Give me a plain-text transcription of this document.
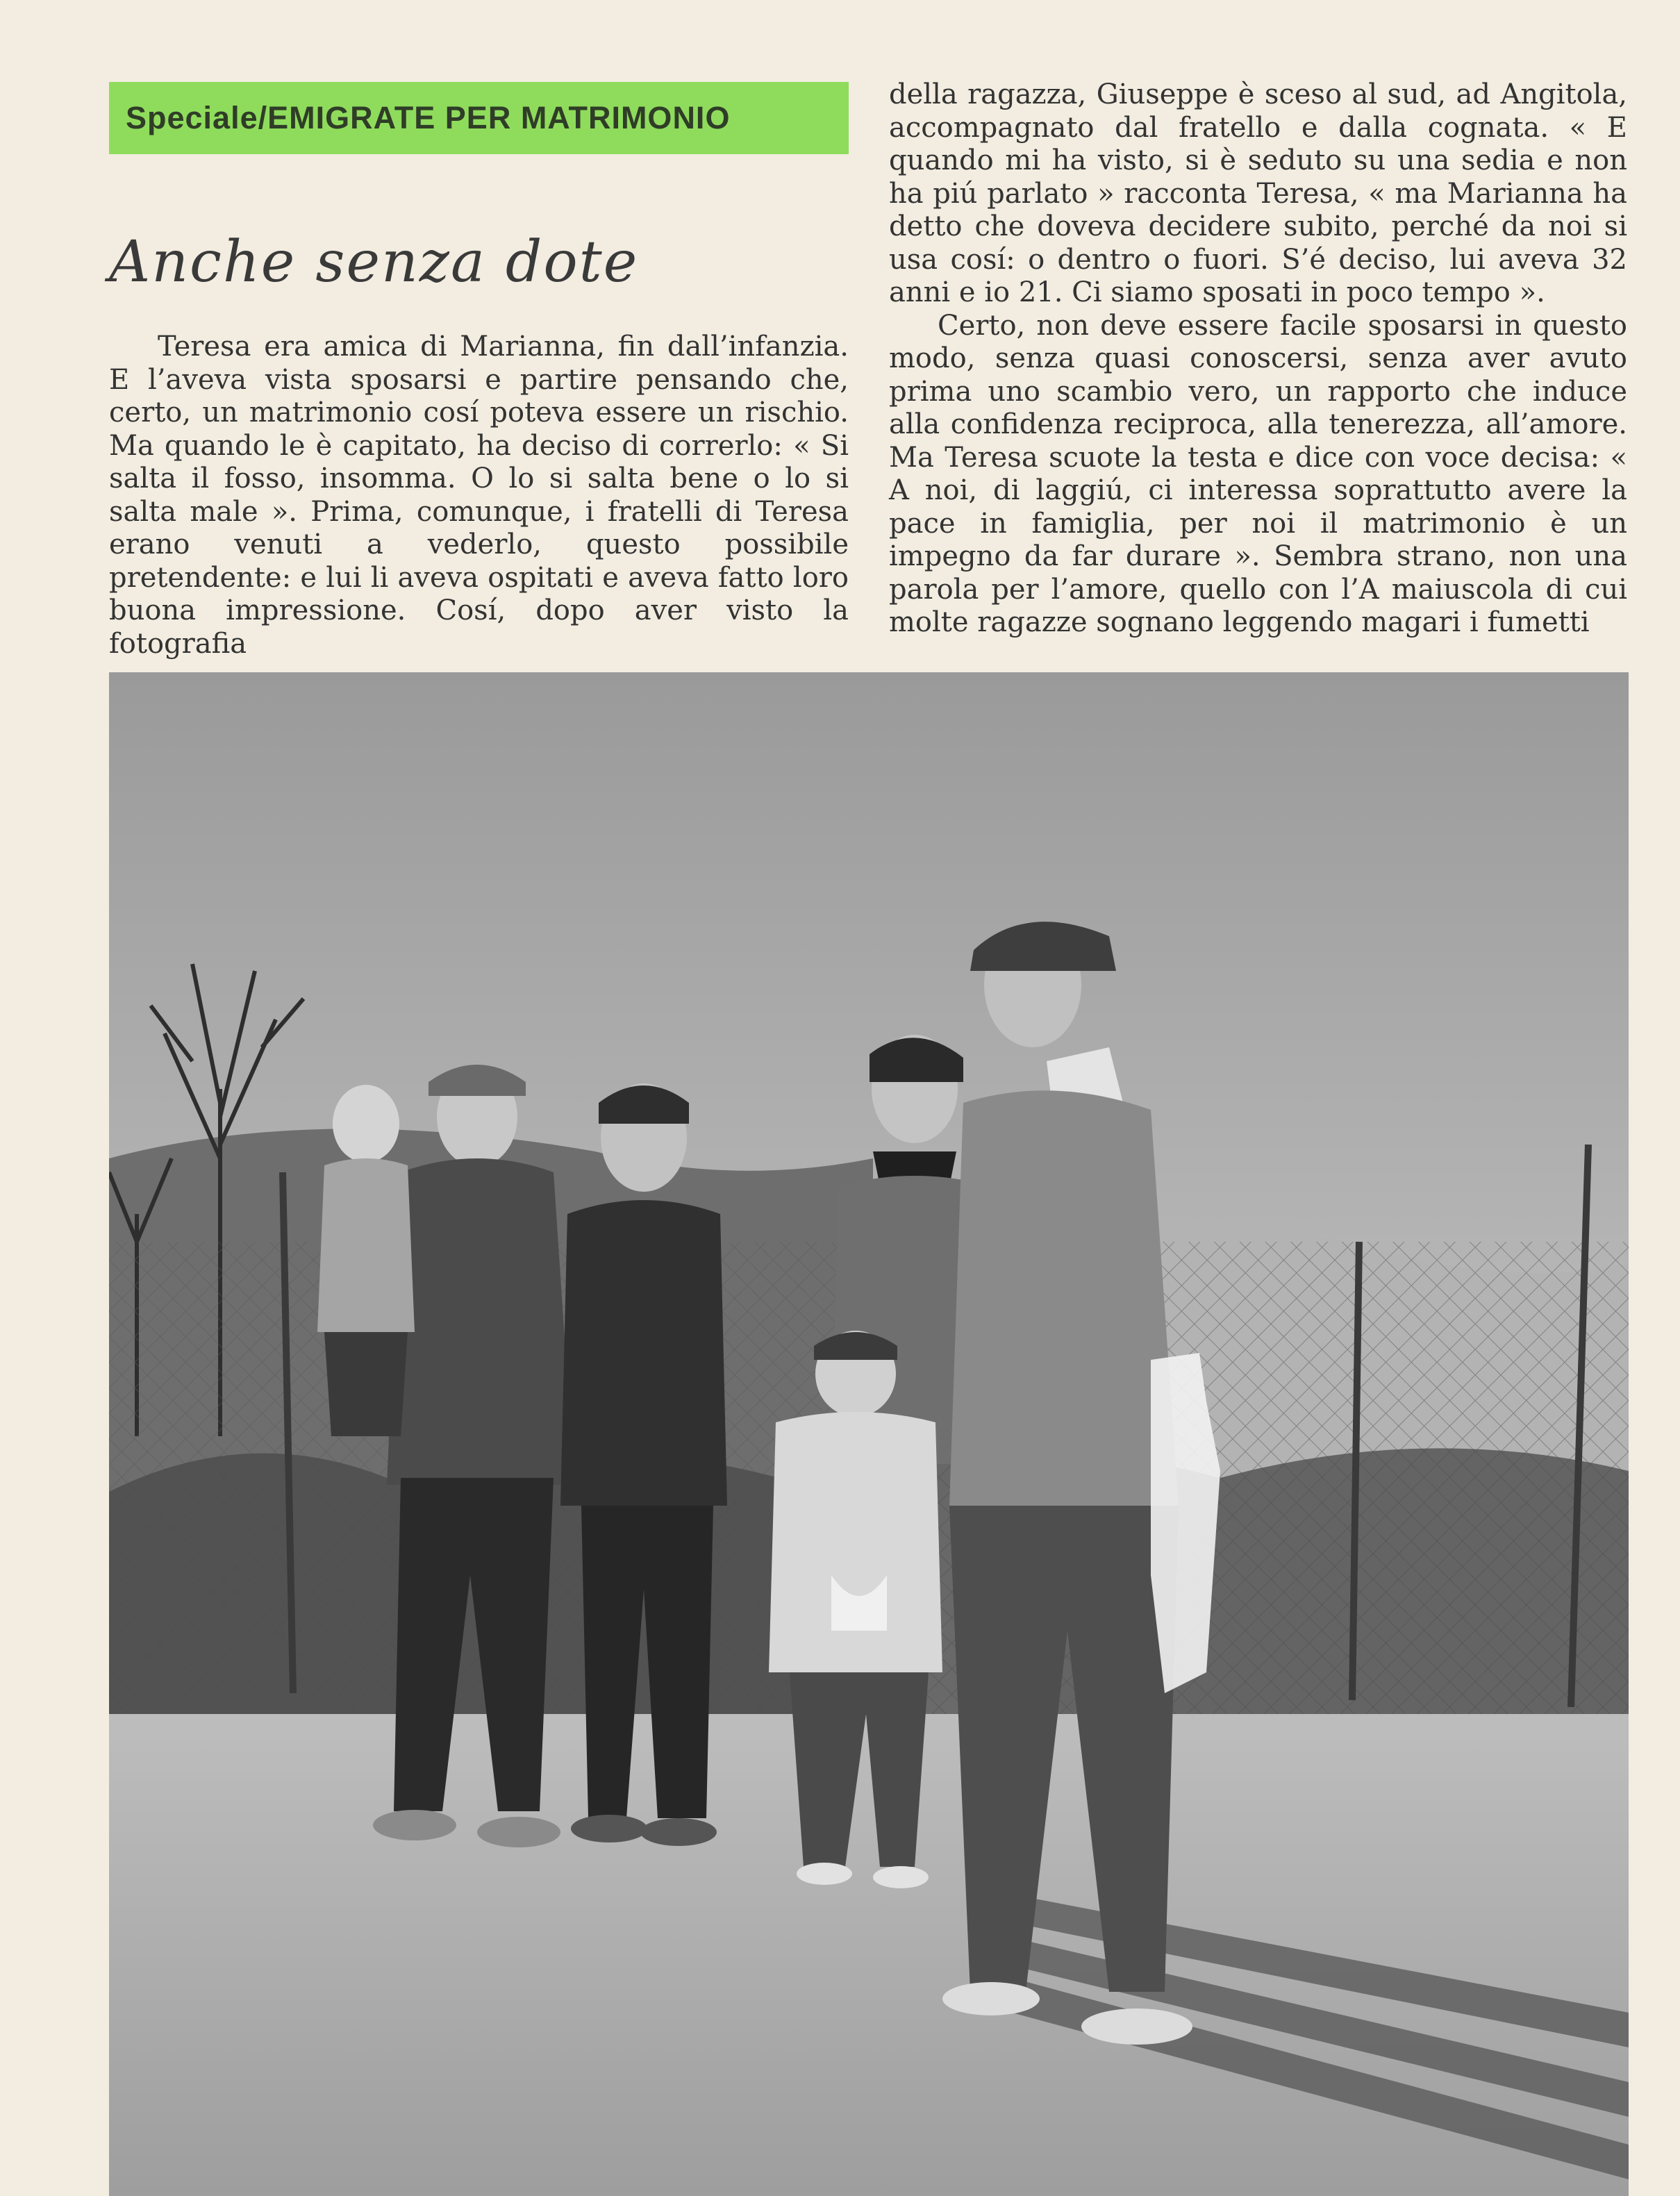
Speciale/ EMIGRATE PER MATRIMONIO
Anche senza dote

Teresa era amica di Marianna, fin dall’infanzia. E l’aveva vista sposarsi e partire pensando che, certo, un matrimonio cosí poteva essere un rischio. Ma quando le è capitato, ha deciso di correrlo: « Si salta il fosso, insomma. O lo si salta bene o lo si salta male ». Prima, comunque, i fratelli di Teresa erano venuti a vederlo, questo possibile pretendente: e lui li aveva ospitati e aveva fatto loro buona impressione. Cosí, dopo aver visto la fotografia

della ragazza, Giuseppe è sceso al sud, ad Angitola, accompagnato dal fratello e dalla cognata. « E quando mi ha visto, si è seduto su una sedia e non ha piú parlato » racconta Teresa, « ma Marianna ha detto che doveva decidere subito, perché da noi si usa cosí: o dentro o fuori. S’é deciso, lui aveva 32 anni e io 21. Ci siamo sposati in poco tempo ».

Certo, non deve essere facile sposarsi in questo modo, senza quasi conoscersi, senza aver avuto prima uno scambio vero, un rapporto che induce alla confidenza reciproca, alla tenerezza, all’amore. Ma Teresa scuote la testa e dice con voce decisa: « A noi, di laggiú, ci interessa soprattutto avere la pace in famiglia, per noi il matrimonio è un impegno da far durare ». Sembra strano, non una parola per l’amore, quello con l’A maiuscola di cui molte ragazze sognano leggendo magari i fumetti
